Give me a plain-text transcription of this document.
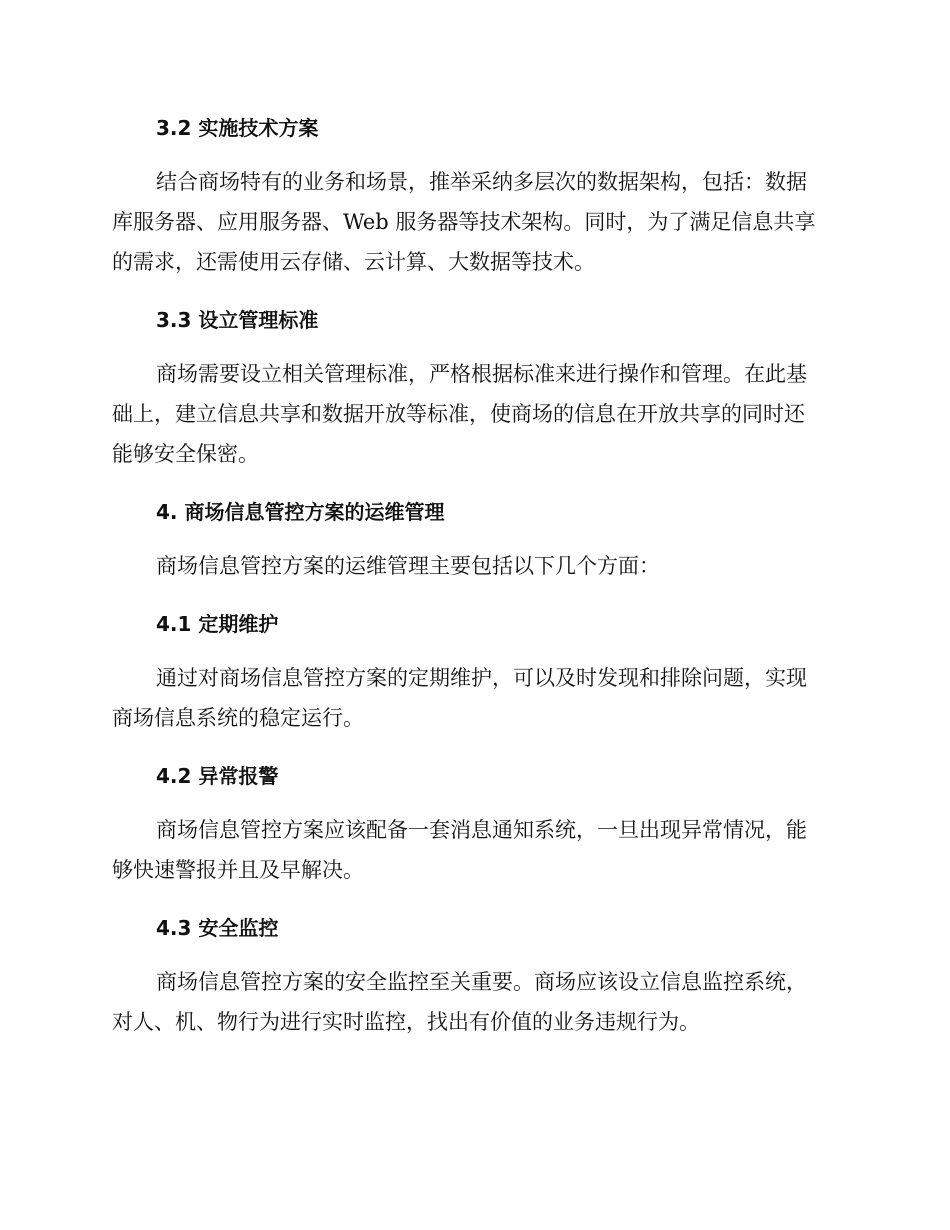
3.2 实施技术方案

结合商场特有的业务和场景，推举采纳多层次的数据架构，包括：数据
库服务器、应用服务器、Web 服务器等技术架构。同时，为了满足信息共享
的需求，还需使用云存储、云计算、大数据等技术。

3.3 设立管理标准

商场需要设立相关管理标准，严格根据标准来进行操作和管理。在此基
础上，建立信息共享和数据开放等标准，使商场的信息在开放共享的同时还
能够安全保密。

4. 商场信息管控方案的运维管理

商场信息管控方案的运维管理主要包括以下几个方面：

4.1 定期维护

通过对商场信息管控方案的定期维护，可以及时发现和排除问题，实现
商场信息系统的稳定运行。

4.2 异常报警

商场信息管控方案应该配备一套消息通知系统，一旦出现异常情况，能
够快速警报并且及早解决。

4.3 安全监控

商场信息管控方案的安全监控至关重要。商场应该设立信息监控系统，
对人、机、物行为进行实时监控，找出有价值的业务违规行为。
